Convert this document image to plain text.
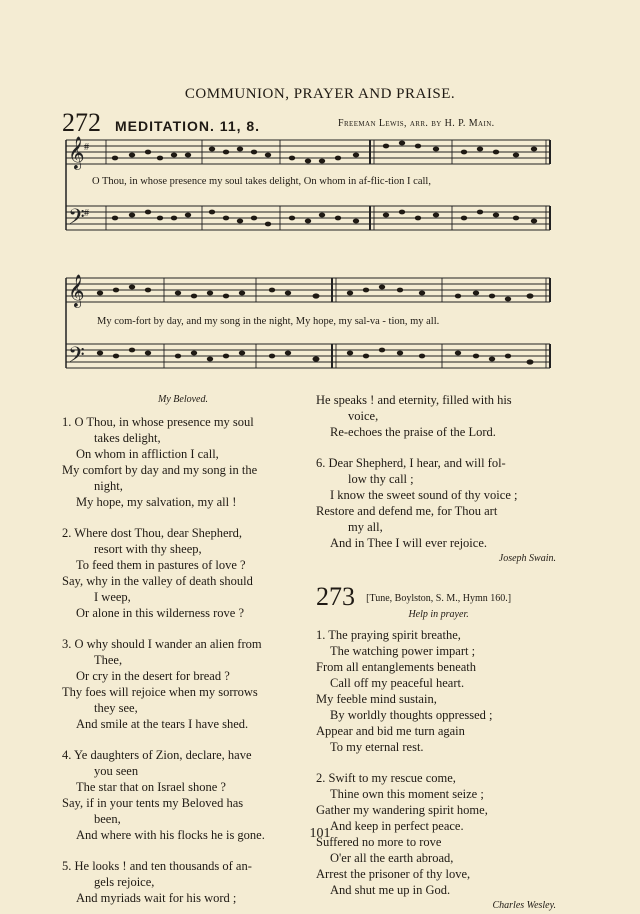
COMMUNION, PRAYER AND PRAISE.
272 MEDITATION. 11, 8.	Freeman Lewis, arr. by H. P. Main.
𝄞
𝄢
#
#
O Thou, in whose presence my soul takes delight, On whom in af-flic-tion I call,
𝄞
𝄢
My com-fort by day, and my song in the night, My hope, my sal-va - tion, my all.
My Beloved.
1. O Thou, in whose presence my soul
takes delight,
On whom in affliction I call,
My comfort by day and my song in the
night,
My hope, my salvation, my all !
2. Where dost Thou, dear Shepherd,
resort with thy sheep,
To feed them in pastures of love ?
Say, why in the valley of death should
I weep,
Or alone in this wilderness rove ?
3. O why should I wander an alien from
Thee,
Or cry in the desert for bread ?
Thy foes will rejoice when my sorrows
they see,
And smile at the tears I have shed.
4. Ye daughters of Zion, declare, have
you seen
The star that on Israel shone ?
Say, if in your tents my Beloved has
been,
And where with his flocks he is gone.
5. He looks ! and ten thousands of an-
gels rejoice,
And myriads wait for his word ;
He speaks ! and eternity, filled with his
voice,
Re-echoes the praise of the Lord.
6. Dear Shepherd, I hear, and will fol-
low thy call ;
I know the sweet sound of thy voice ;
Restore and defend me, for Thou art
my all,
And in Thee I will ever rejoice.
Joseph Swain.
273 [Tune, Boylston, S. M., Hymn 160.]
Help in prayer.
1. The praying spirit breathe,
The watching power impart ;
From all entanglements beneath
Call off my peaceful heart.
My feeble mind sustain,
By worldly thoughts oppressed ;
Appear and bid me turn again
To my eternal rest.
2. Swift to my rescue come,
Thine own this moment seize ;
Gather my wandering spirit home,
And keep in perfect peace.
Suffered no more to rove
O'er all the earth abroad,
Arrest the prisoner of thy love,
And shut me up in God.
Charles Wesley.
101
